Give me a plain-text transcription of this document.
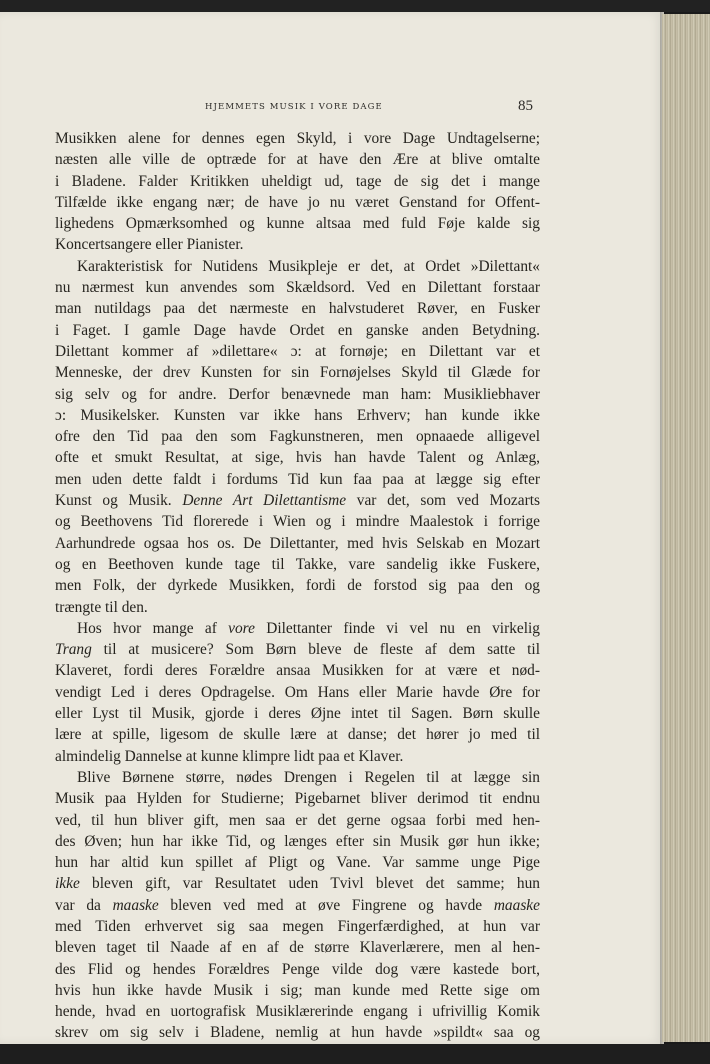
HJEMMETS MUSIK I VORE DAGE	85
Musikken alene for dennes egen Skyld, i vore Dage Undtagelserne;
næsten alle ville de optræde for at have den Ære at blive omtalte
i Bladene. Falder Kritikken uheldigt ud, tage de sig det i mange
Tilfælde ikke engang nær; de have jo nu været Genstand for Offent-
lighedens Opmærksomhed og kunne altsaa med fuld Føje kalde sig
Koncertsangere eller Pianister.
Karakteristisk for Nutidens Musikpleje er det, at Ordet »Dilettant«
nu nærmest kun anvendes som Skældsord. Ved en Dilettant forstaar
man nutildags paa det nærmeste en halvstuderet Røver, en Fusker
i Faget. I gamle Dage havde Ordet en ganske anden Betydning.
Dilettant kommer af »dilettare« ɔ: at fornøje; en Dilettant var et
Menneske, der drev Kunsten for sin Fornøjelses Skyld til Glæde for
sig selv og for andre. Derfor benævnede man ham: Musikliebhaver
ɔ: Musikelsker. Kunsten var ikke hans Erhverv; han kunde ikke
ofre den Tid paa den som Fagkunstneren, men opnaaede alligevel
ofte et smukt Resultat, at sige, hvis han havde Talent og Anlæg,
men uden dette faldt i fordums Tid kun faa paa at lægge sig efter
Kunst og Musik. Denne Art Dilettantisme var det, som ved Mozarts
og Beethovens Tid florerede i Wien og i mindre Maalestok i forrige
Aarhundrede ogsaa hos os. De Dilettanter, med hvis Selskab en Mozart
og en Beethoven kunde tage til Takke, vare sandelig ikke Fuskere,
men Folk, der dyrkede Musikken, fordi de forstod sig paa den og
trængte til den.
Hos hvor mange af vore Dilettanter finde vi vel nu en virkelig
Trang til at musicere? Som Børn bleve de fleste af dem satte til
Klaveret, fordi deres Forældre ansaa Musikken for at være et nød-
vendigt Led i deres Opdragelse. Om Hans eller Marie havde Øre for
eller Lyst til Musik, gjorde i deres Øjne intet til Sagen. Børn skulle
lære at spille, ligesom de skulle lære at danse; det hører jo med til
almindelig Dannelse at kunne klimpre lidt paa et Klaver.
Blive Børnene større, nødes Drengen i Regelen til at lægge sin
Musik paa Hylden for Studierne; Pigebarnet bliver derimod tit endnu
ved, til hun bliver gift, men saa er det gerne ogsaa forbi med hen-
des Øven; hun har ikke Tid, og længes efter sin Musik gør hun ikke;
hun har altid kun spillet af Pligt og Vane. Var samme unge Pige
ikke bleven gift, var Resultatet uden Tvivl blevet det samme; hun
var da maaske bleven ved med at øve Fingrene og havde maaske
med Tiden erhvervet sig saa megen Fingerfærdighed, at hun var
bleven taget til Naade af en af de større Klaverlærere, men al hen-
des Flid og hendes Forældres Penge vilde dog være kastede bort,
hvis hun ikke havde Musik i sig; man kunde med Rette sige om
hende, hvad en uortografisk Musiklærerinde engang i ufrivillig Komik
skrev om sig selv i Bladene, nemlig at hun havde »spildt« saa og
